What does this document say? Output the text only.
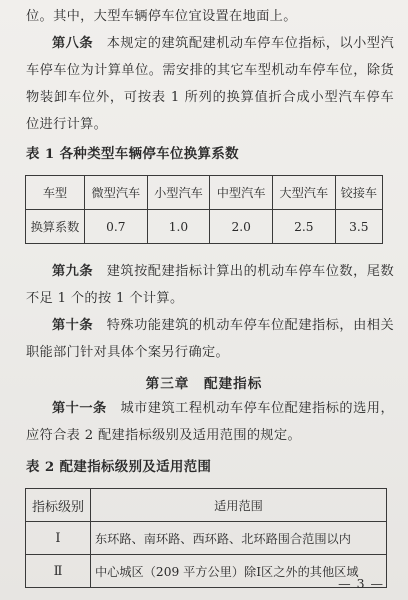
位。其中，大型车辆停车位宜设置在地面上。

第八条　 本规定的建筑配建机动车停车位指标，以小型汽车停车位为计算单位。需安排的其它车型机动车停车位，除货物装卸车位外，可按表 1 所列的换算值折合成小型汽车停车位进行计算。

表 1 各种类型车辆停车位换算系数
车型	微型汽车	小型汽车	中型汽车	大型汽车	铰接车
换算系数	0.7	1.0	2.0	2.5	3.5

第九条　 建筑按配建指标计算出的机动车停车位数，尾数不足 1 个的按 1 个计算。

第十条　 特殊功能建筑的机动车停车位配建指标，由相关职能部门针对具体个案另行确定。

第三章　配建指标

第十一条　 城市建筑工程机动车停车位配建指标的选用，应符合表 2 配建指标级别及适用范围的规定。

表 2 配建指标级别及适用范围
指标级别	适用范围
Ⅰ	东环路、南环路、西环路、北环路围合范围以内
Ⅱ	中心城区（209 平方公里）除Ⅰ区之外的其他区域
— 3 —
